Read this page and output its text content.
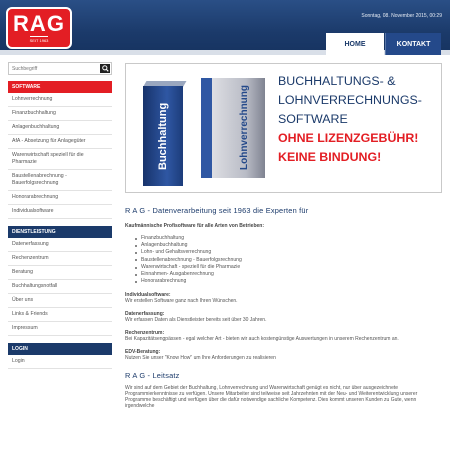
RAG
SEIT 1963
Sonntag, 08. November 2015, 00:29
HOME	KONTAKT
Suchbegriff
SOFTWARE
Lohnverrechnung
Finanzbuchhaltung
Anlagenbuchhaltung
AfA - Absetzung für Anlagegüter
Warenwirtschaft speziell für die Pharmazie
Baustellenabrechnung - Bauerfolgsrechnung
Honorarabrechnung
Individualsoftware
DIENSTLEISTUNG
Datenerfassung
Rechenzentrum
Beratung
Buchhaltungsnotfall
Über uns
Links & Friends
Impressum
LOGIN
Login
Buchhaltung	Lohnverrechnung
BUCHHALTUNGS- &
LOHNVERRECHNUNGS-
SOFTWARE
OHNE LIZENZGEBÜHR!
KEINE BINDUNG!
R A G - Datenverarbeitung seit 1963 die Experten für
Kaufmännische Profisoftware für alle Arten von Betrieben:
Finanzbuchhaltung
Anlagenbuchhaltung
Lohn- und Gehaltsverrechnung
Baustellenabrechnung - Bauerfolgsrechnung
Warenwirtschaft - speziell für die Pharmazie
Einnahmen- Ausgabenrechnung
Honorarabrechnung
Individualsoftware:
Wir erstellen Software ganz nach Ihren Wünschen.
Datenerfassung:
Wir erfassen Daten als Dienstleister bereits seit über 30 Jahren.
Rechenzentrum:
Bei Kapazitätsengpässen - egal welcher Art - bieten wir auch kostengünstige Auswertungen in unserem Rechenzentrum an.
EDV-Beratung:
Nutzen Sie unser "Know How" um Ihre Anforderungen zu realisieren
R A G - Leitsatz
Wir sind auf dem Gebiet der Buchhaltung, Lohnverrechnung und Warenwirtschaft genügt es nicht, nur über ausgezeichnete Programmierkenntnisse zu verfügen. Unsere Mitarbeiter sind teilweise seit Jahrzehnten mit der Neu- und Weiterentwicklung unserer Programme beschäftigt und verfügen über die dafür notwendige sachliche Kompetenz. Dies kommt unseren Kunden zu Gute, wenn irgendwelche
